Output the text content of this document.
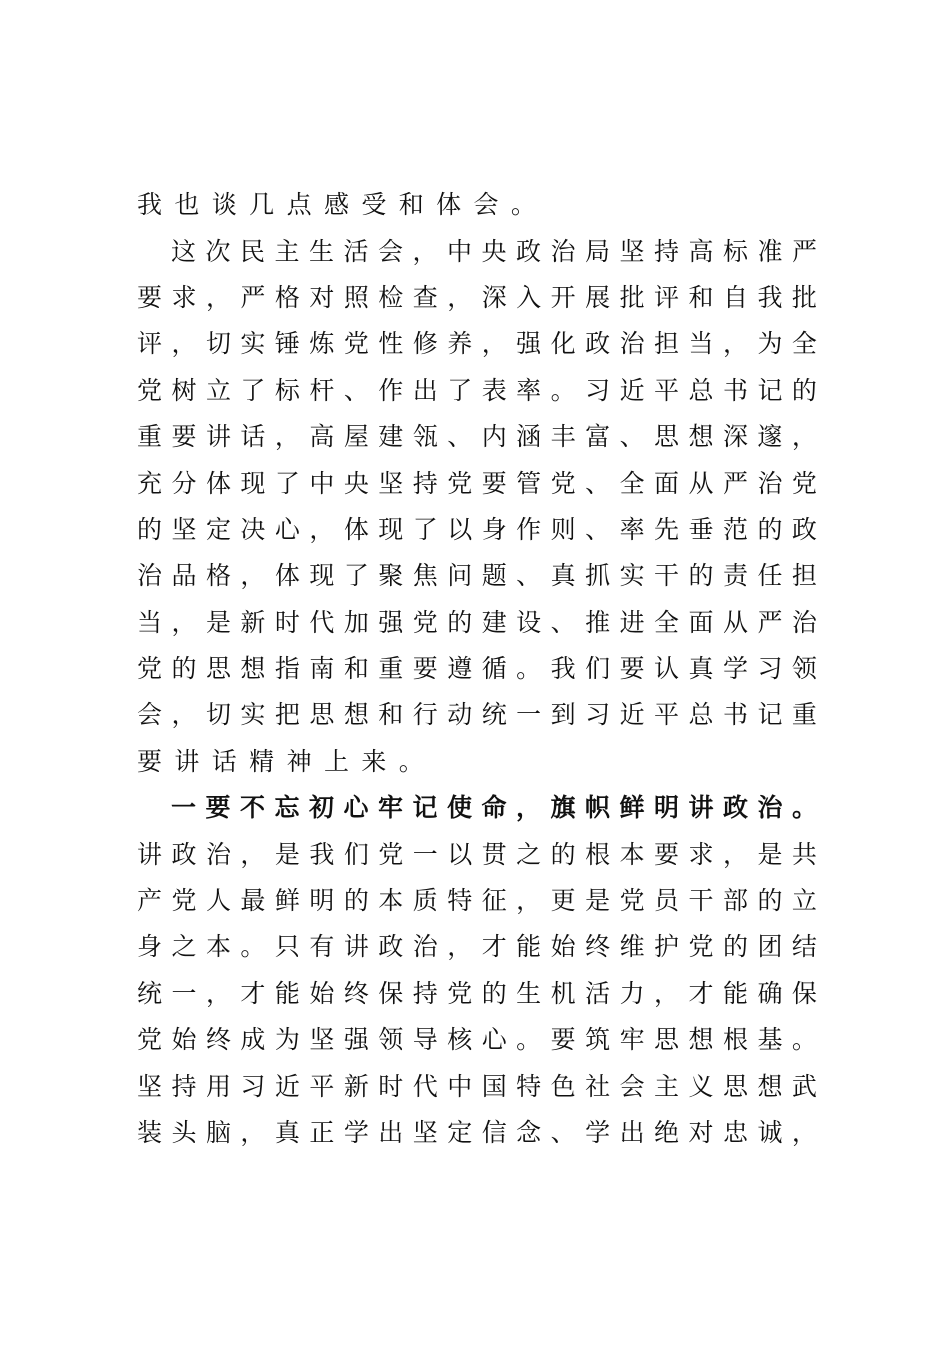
我 也 谈 几 点 感 受 和 体 会 。
这 次 民 主 生 活 会 ， 中 央 政 治 局 坚 持 高 标 准 严
要 求 ， 严 格 对 照 检 查 ， 深 入 开 展 批 评 和 自 我 批
评 ， 切 实 锤 炼 党 性 修 养 ， 强 化 政 治 担 当 ， 为 全
党 树 立 了 标 杆 、 作 出 了 表 率 。 习 近 平 总 书 记 的
重 要 讲 话 ， 高 屋 建 瓴 、 内 涵 丰 富 、 思 想 深 邃 ，
充 分 体 现 了 中 央 坚 持 党 要 管 党 、 全 面 从 严 治 党
的 坚 定 决 心 ， 体 现 了 以 身 作 则 、 率 先 垂 范 的 政
治 品 格 ， 体 现 了 聚 焦 问 题 、 真 抓 实 干 的 责 任 担
当 ， 是 新 时 代 加 强 党 的 建 设 、 推 进 全 面 从 严 治
党 的 思 想 指 南 和 重 要 遵 循 。 我 们 要 认 真 学 习 领
会 ， 切 实 把 思 想 和 行 动 统 一 到 习 近 平 总 书 记 重
要 讲 话 精 神 上 来 。
一 要 不 忘 初 心 牢 记 使 命 ， 旗 帜 鲜 明 讲 政 治 。
讲 政 治 ， 是 我 们 党 一 以 贯 之 的 根 本 要 求 ， 是 共
产 党 人 最 鲜 明 的 本 质 特 征 ， 更 是 党 员 干 部 的 立
身 之 本 。 只 有 讲 政 治 ， 才 能 始 终 维 护 党 的 团 结
统 一 ， 才 能 始 终 保 持 党 的 生 机 活 力 ， 才 能 确 保
党 始 终 成 为 坚 强 领 导 核 心 。 要 筑 牢 思 想 根 基 。
坚 持 用 习 近 平 新 时 代 中 国 特 色 社 会 主 义 思 想 武
装 头 脑 ， 真 正 学 出 坚 定 信 念 、 学 出 绝 对 忠 诚 ，
